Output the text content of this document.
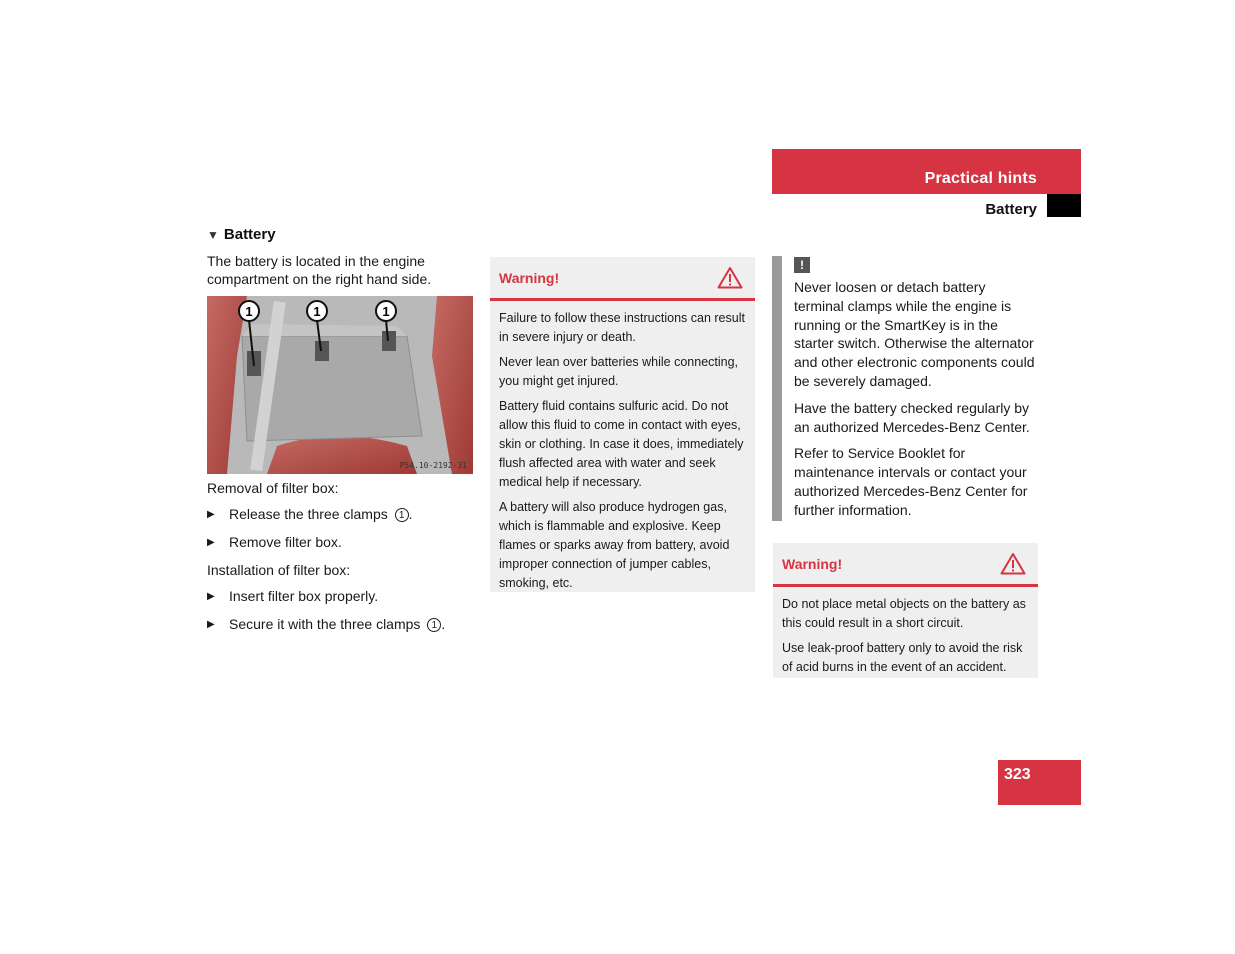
Practical hints
Battery
▼ Battery

The battery is located in the engine compartment on the right hand side.

1	1	1
P54.10-2192-31

Removal of filter box:

▶	Release the three clamps 1 .
▶	Remove filter box.

Installation of filter box:

▶	Insert filter box properly.
▶	Secure it with the three clamps 1 .
Warning!

Failure to follow these instructions can result in severe injury or death.

Never lean over batteries while connecting, you might get injured.

Battery fluid contains sulfuric acid. Do not allow this fluid to come in contact with eyes, skin or clothing. In case it does, immediately flush affected area with water and seek medical help if necessary.

A battery will also produce hydrogen gas, which is flammable and explosive. Keep flames or sparks away from battery, avoid improper connection of jumper cables, smoking, etc.

!

Never loosen or detach battery terminal clamps while the engine is running or the SmartKey is in the starter switch. Otherwise the alternator and other electronic components could be severely damaged.

Have the battery checked regularly by an authorized Mercedes-Benz Center.

Refer to Service Booklet for maintenance intervals or contact your authorized Mercedes-Benz Center for further information.

Warning!

Do not place metal objects on the battery as this could result in a short circuit.

Use leak-proof battery only to avoid the risk of acid burns in the event of an accident.

323
